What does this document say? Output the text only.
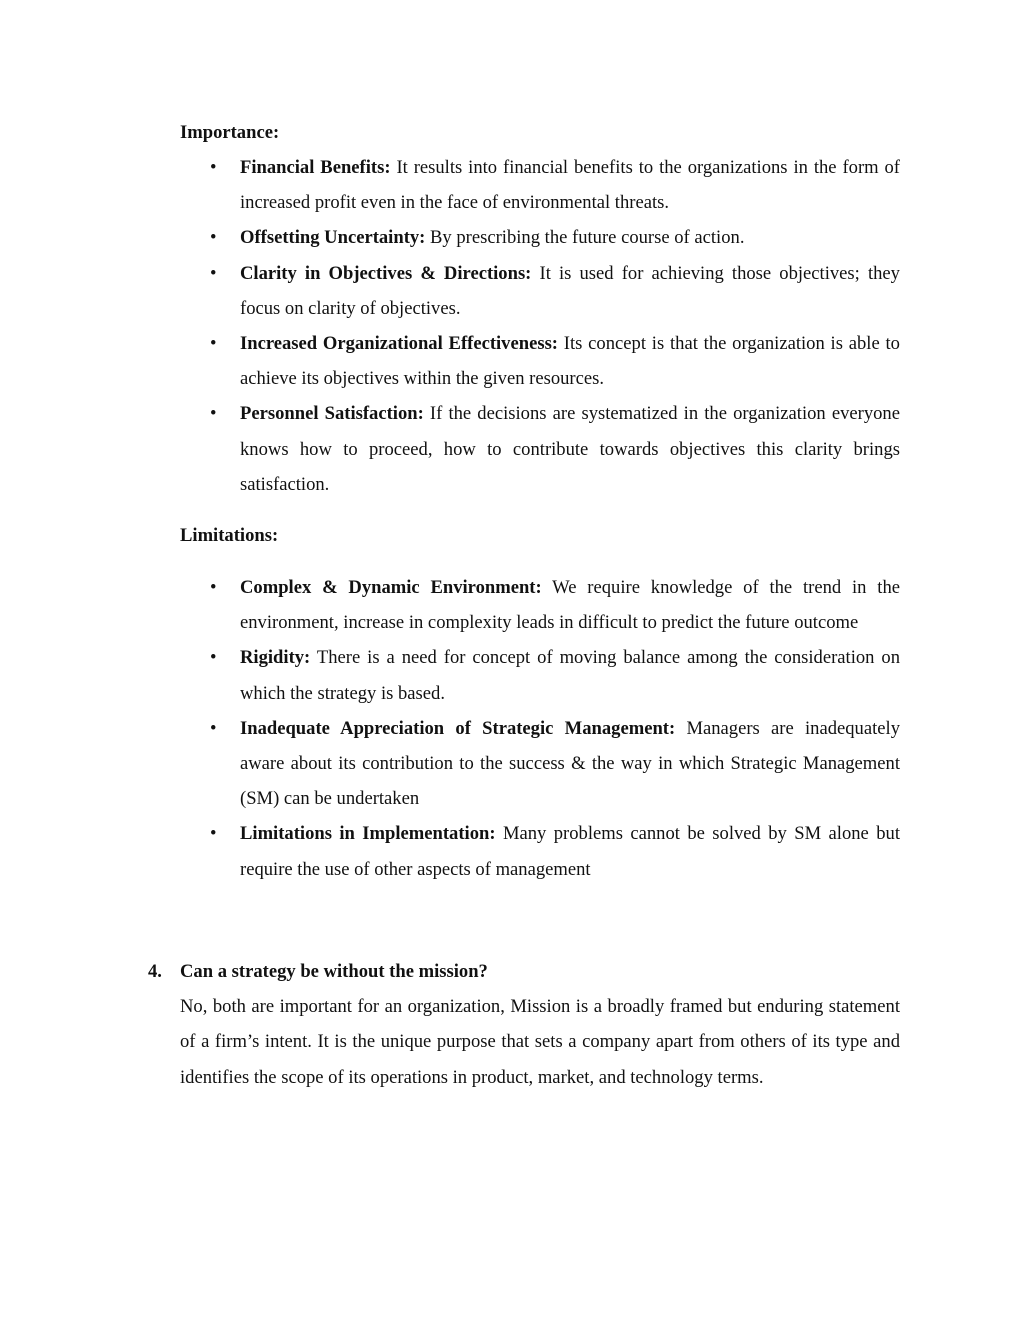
Importance:
• Financial Benefits: It results into financial benefits to the organizations in the form of increased profit even in the face of environmental threats.
• Offsetting Uncertainty: By prescribing the future course of action.
• Clarity in Objectives & Directions: It is used for achieving those objectives; they focus on clarity of objectives.
• Increased Organizational Effectiveness: Its concept is that the organization is able to achieve its objectives within the given resources.
• Personnel Satisfaction: If the decisions are systematized in the organization everyone knows how to proceed, how to contribute towards objectives this clarity brings satisfaction.
Limitations:
• Complex & Dynamic Environment: We require knowledge of the trend in the environment, increase in complexity leads in difficult to predict the future outcome
• Rigidity: There is a need for concept of moving balance among the consideration on which the strategy is based.
• Inadequate Appreciation of Strategic Management: Managers are inadequately aware about its contribution to the success & the way in which Strategic Management (SM) can be undertaken
• Limitations in Implementation: Many problems cannot be solved by SM alone but require the use of other aspects of management
4. Can a strategy be without the mission?
No, both are important for an organization, Mission is a broadly framed but enduring statement of a firm’s intent. It is the unique purpose that sets a company apart from others of its type and identifies the scope of its operations in product, market, and technology terms.
